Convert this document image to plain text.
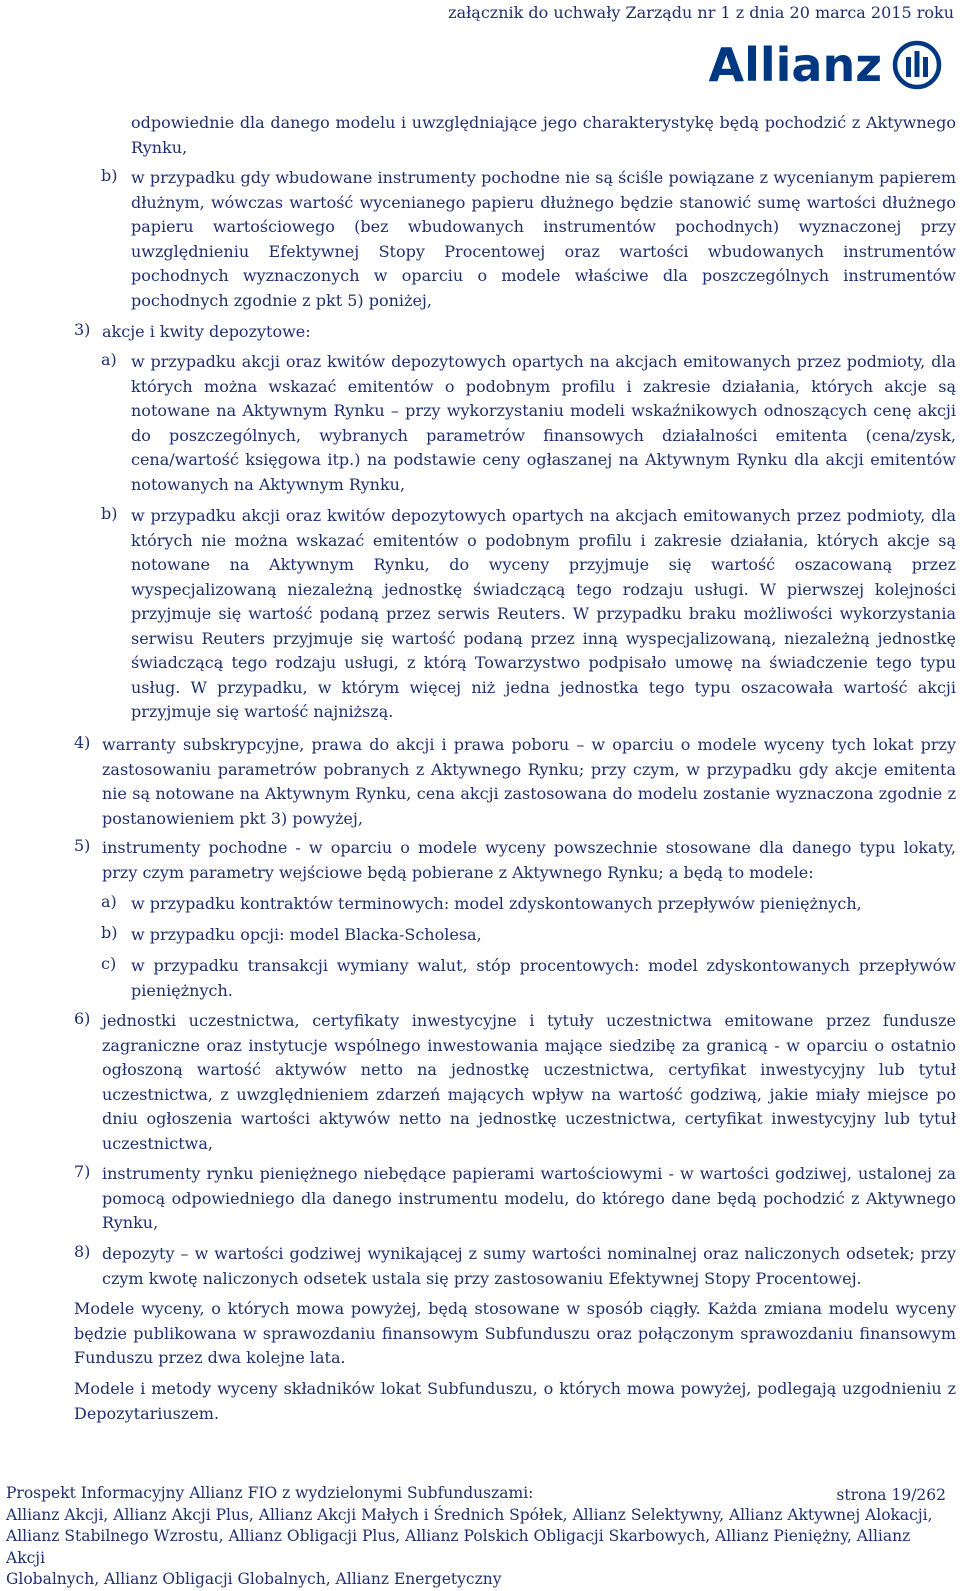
załącznik do uchwały Zarządu nr 1 z dnia 20 marca 2015 roku
Allianz
odpowiednie dla danego modelu i uwzględniające jego charakterystykę będą pochodzić z Aktywnego Rynku,
b) w przypadku gdy wbudowane instrumenty pochodne nie są ściśle powiązane z wycenianym papierem dłużnym, wówczas wartość wycenianego papieru dłużnego będzie stanowić sumę wartości dłużnego papieru wartościowego (bez wbudowanych instrumentów pochodnych) wyznaczonej przy uwzględnieniu Efektywnej Stopy Procentowej oraz wartości wbudowanych instrumentów pochodnych wyznaczonych w oparciu o modele właściwe dla poszczególnych instrumentów pochodnych zgodnie z pkt 5) poniżej,
3) akcje i kwity depozytowe:
a) w przypadku akcji oraz kwitów depozytowych opartych na akcjach emitowanych przez podmioty, dla których można wskazać emitentów o podobnym profilu i zakresie działania, których akcje są notowane na Aktywnym Rynku – przy wykorzystaniu modeli wskaźnikowych odnoszących cenę akcji do poszczególnych, wybranych parametrów finansowych działalności emitenta (cena/zysk, cena/wartość księgowa itp.) na podstawie ceny ogłaszanej na Aktywnym Rynku dla akcji emitentów notowanych na Aktywnym Rynku,
b) w przypadku akcji oraz kwitów depozytowych opartych na akcjach emitowanych przez podmioty, dla których nie można wskazać emitentów o podobnym profilu i zakresie działania, których akcje są notowane na Aktywnym Rynku, do wyceny przyjmuje się wartość oszacowaną przez wyspecjalizowaną niezależną jednostkę świadczącą tego rodzaju usługi. W pierwszej kolejności przyjmuje się wartość podaną przez serwis Reuters. W przypadku braku możliwości wykorzystania serwisu Reuters przyjmuje się wartość podaną przez inną wyspecjalizowaną, niezależną jednostkę świadczącą tego rodzaju usługi, z którą Towarzystwo podpisało umowę na świadczenie tego typu usług. W przypadku, w którym więcej niż jedna jednostka tego typu oszacowała wartość akcji przyjmuje się wartość najniższą.
4) warranty subskrypcyjne, prawa do akcji i prawa poboru – w oparciu o modele wyceny tych lokat przy zastosowaniu parametrów pobranych z Aktywnego Rynku; przy czym, w przypadku gdy akcje emitenta nie są notowane na Aktywnym Rynku, cena akcji zastosowana do modelu zostanie wyznaczona zgodnie z postanowieniem pkt 3) powyżej,
5) instrumenty pochodne - w oparciu o modele wyceny powszechnie stosowane dla danego typu lokaty, przy czym parametry wejściowe będą pobierane z Aktywnego Rynku; a będą to modele:
a) w przypadku kontraktów terminowych: model zdyskontowanych przepływów pieniężnych,
b) w przypadku opcji: model Blacka-Scholesa,
c) w przypadku transakcji wymiany walut, stóp procentowych: model zdyskontowanych przepływów pieniężnych.
6) jednostki uczestnictwa, certyfikaty inwestycyjne i tytuły uczestnictwa emitowane przez fundusze zagraniczne oraz instytucje wspólnego inwestowania mające siedzibę za granicą - w oparciu o ostatnio ogłoszoną wartość aktywów netto na jednostkę uczestnictwa, certyfikat inwestycyjny lub tytuł uczestnictwa, z uwzględnieniem zdarzeń mających wpływ na wartość godziwą, jakie miały miejsce po dniu ogłoszenia wartości aktywów netto na jednostkę uczestnictwa, certyfikat inwestycyjny lub tytuł uczestnictwa,
7) instrumenty rynku pieniężnego niebędące papierami wartościowymi - w wartości godziwej, ustalonej za pomocą odpowiedniego dla danego instrumentu modelu, do którego dane będą pochodzić z Aktywnego Rynku,
8) depozyty – w wartości godziwej wynikającej z sumy wartości nominalnej oraz naliczonych odsetek; przy czym kwotę naliczonych odsetek ustala się przy zastosowaniu Efektywnej Stopy Procentowej.
Modele wyceny, o których mowa powyżej, będą stosowane w sposób ciągły. Każda zmiana modelu wyceny będzie publikowana w sprawozdaniu finansowym Subfunduszu oraz połączonym sprawozdaniu finansowym Funduszu przez dwa kolejne lata.
Modele i metody wyceny składników lokat Subfunduszu, o których mowa powyżej, podlegają uzgodnieniu z Depozytariuszem.
Prospekt Informacyjny Allianz FIO z wydzielonymi Subfunduszami:	strona 19/262
Allianz Akcji, Allianz Akcji Plus, Allianz Akcji Małych i Średnich Spółek, Allianz Selektywny, Allianz Aktywnej Alokacji,
Allianz Stabilnego Wzrostu, Allianz Obligacji Plus, Allianz Polskich Obligacji Skarbowych, Allianz Pieniężny, Allianz Akcji
Globalnych, Allianz Obligacji Globalnych, Allianz Energetyczny
